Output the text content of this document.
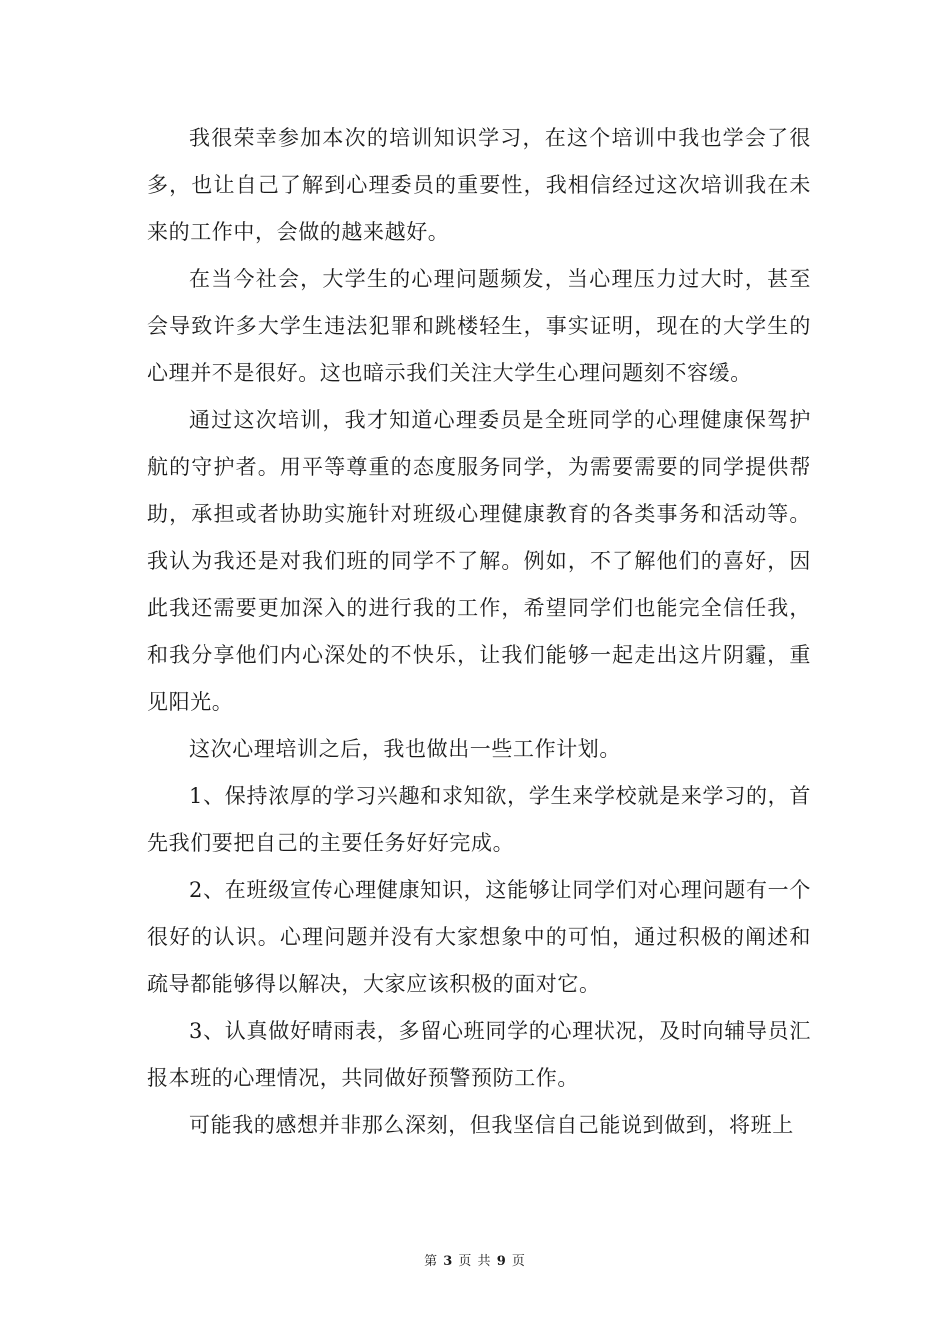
我很荣幸参加本次的培训知识学习，在这个培训中我也学会了很多，也让自己了解到心理委员的重要性，我相信经过这次培训我在未来的工作中，会做的越来越好。

在当今社会，大学生的心理问题频发，当心理压力过大时，甚至会导致许多大学生违法犯罪和跳楼轻生，事实证明，现在的大学生的心理并不是很好。这也暗示我们关注大学生心理问题刻不容缓。

通过这次培训，我才知道心理委员是全班同学的心理健康保驾护航的守护者。用平等尊重的态度服务同学，为需要需要的同学提供帮助，承担或者协助实施针对班级心理健康教育的各类事务和活动等。我认为我还是对我们班的同学不了解。例如，不了解他们的喜好，因此我还需要更加深入的进行我的工作，希望同学们也能完全信任我，和我分享他们内心深处的不快乐，让我们能够一起走出这片阴霾，重见阳光。

这次心理培训之后，我也做出一些工作计划。

1、保持浓厚的学习兴趣和求知欲，学生来学校就是来学习的，首先我们要把自己的主要任务好好完成。

2、在班级宣传心理健康知识，这能够让同学们对心理问题有一个很好的认识。心理问题并没有大家想象中的可怕，通过积极的阐述和疏导都能够得以解决，大家应该积极的面对它。

3、认真做好晴雨表，多留心班同学的心理状况，及时向辅导员汇报本班的心理情况，共同做好预警预防工作。

可能我的感想并非那么深刻，但我坚信自己能说到做到，将班上

第 3 页 共 9 页
